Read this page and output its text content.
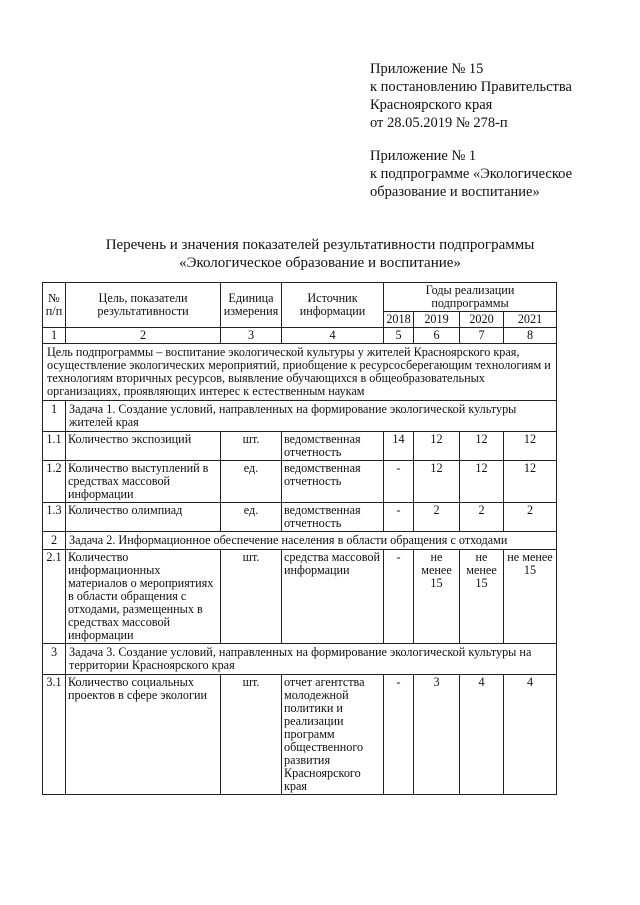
Приложение № 15
к постановлению Правительства
Красноярского края
от 28.05.2019 № 278-п
Приложение № 1
к подпрограмме «Экологическое
образование и воспитание»
Перечень и значения показателей результативности подпрограммы
«Экологическое образование и воспитание»
№ п/п	Цель, показатели результативности	Единица измерения	Источник информации	Годы реализации подпрограммы			
				2018	2019	2020	2021
1	2	3	4	5	6	7	8
Цель подпрограммы – воспитание экологической культуры у жителей Красноярского края, осуществление экологических мероприятий, приобщение к ресурсосберегающим технологиям и технологиям вторичных ресурсов, выявление обучающихся в общеобразовательных организациях, проявляющих интерес к естественным наукам							
1	Задача 1. Создание условий, направленных на формирование экологической культуры жителей края						
1.1	Количество экспозиций	шт.	ведомственная отчетность	14	12	12	12
1.2	Количество выступлений в средствах массовой информации	ед.	ведомственная отчетность	-	12	12	12
1.3	Количество олимпиад	ед.	ведомственная отчетность	-	2	2	2
2	Задача 2. Информационное обеспечение населения в области обращения с отходами						
2.1	Количество информационных материалов о мероприятиях в области обращения с отходами, размещенных в средствах массовой информации	шт.	средства массовой информации	-	не менее 15	не менее 15	не менее 15
3	Задача 3. Создание условий, направленных на формирование экологической культуры на территории Красноярского края						
3.1	Количество социальных проектов в сфере экологии	шт.	отчет агентства молодежной политики и реализации программ общественного развития Красноярского края	-	3	4	4
